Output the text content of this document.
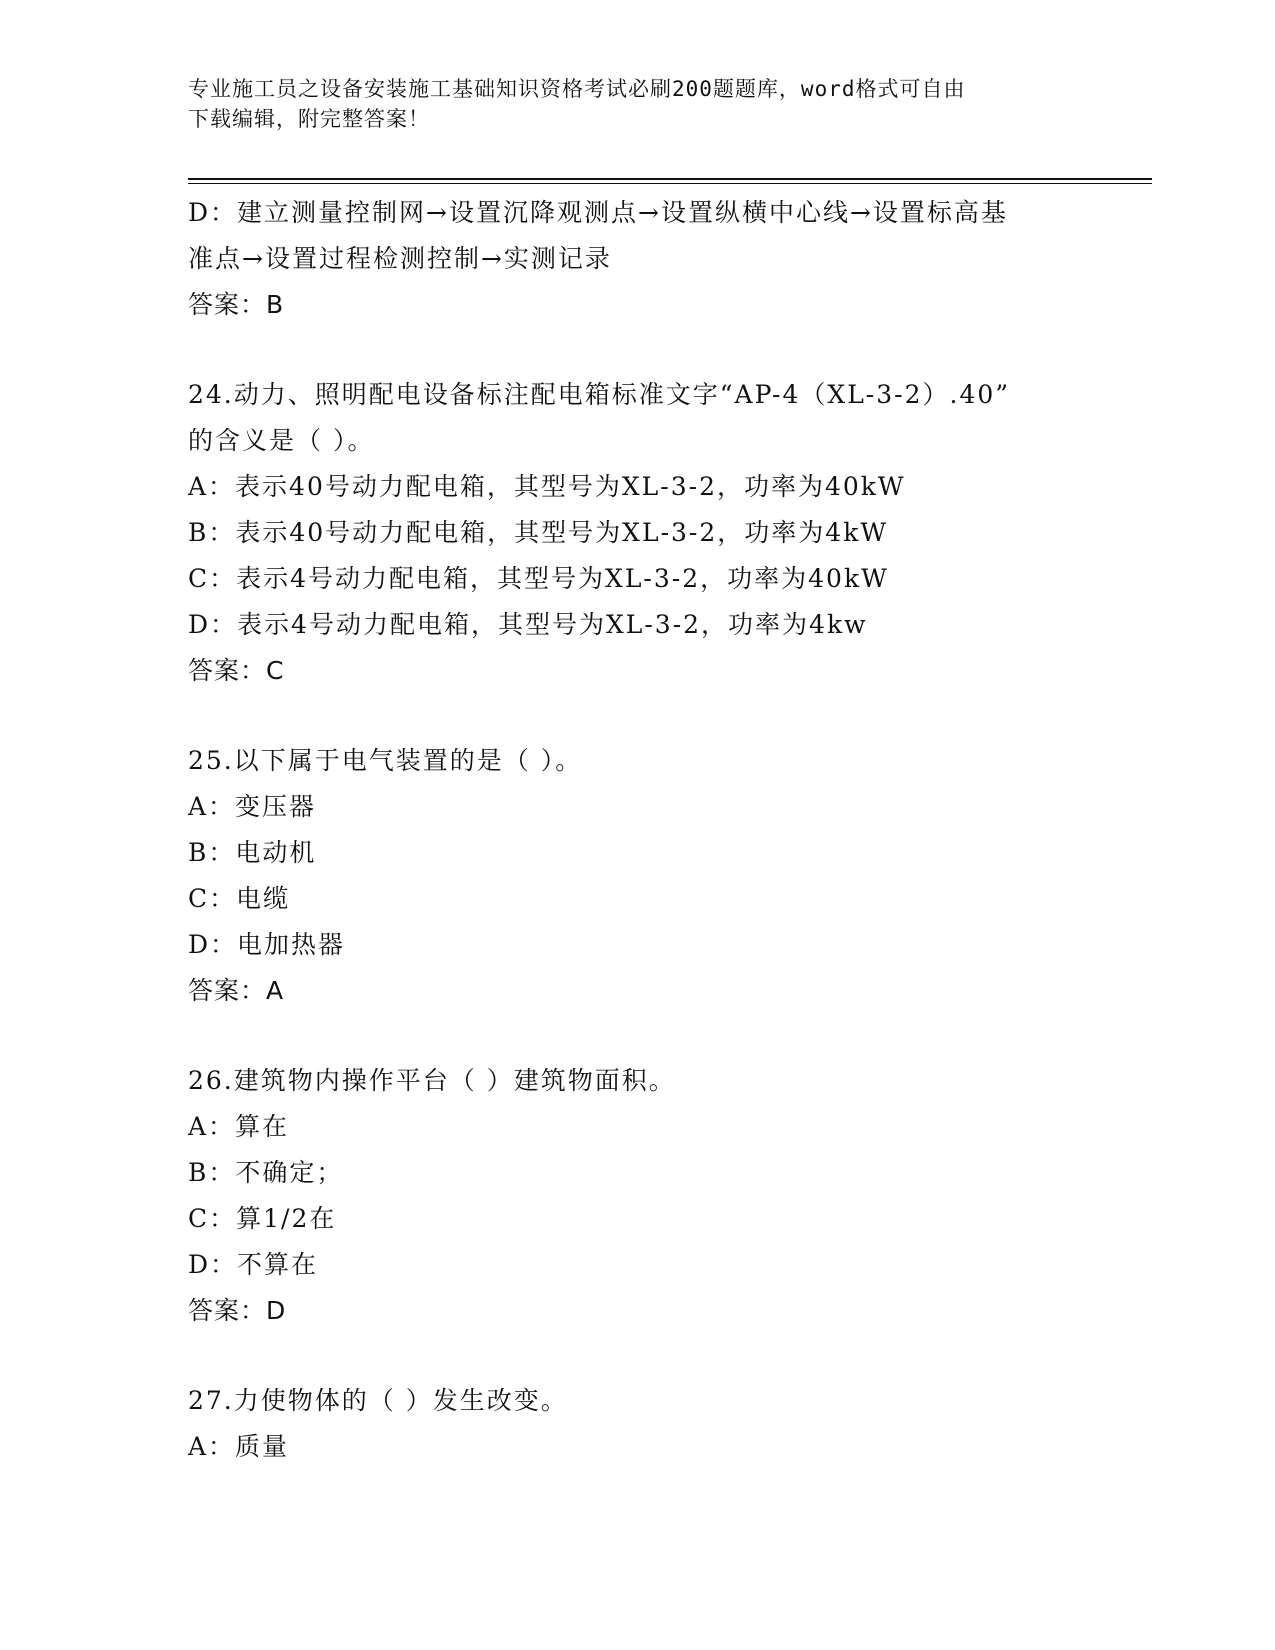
专业施工员之设备安装施工基础知识资格考试必刷200题题库，word格式可自由

下载编辑，附完整答案！

D：建立测量控制网→设置沉降观测点→设置纵横中心线→设置标高基
准点→设置过程检测控制→实测记录
答案：B
24.动力、照明配电设备标注配电箱标准文字“AP-4（XL-3-2）.40”
的含义是（ ）。
A：表示40号动力配电箱，其型号为XL-3-2，功率为40kW
B：表示40号动力配电箱，其型号为XL-3-2，功率为4kW
C：表示4号动力配电箱，其型号为XL-3-2，功率为40kW
D：表示4号动力配电箱，其型号为XL-3-2，功率为4kw
答案：C
25.以下属于电气装置的是（ ）。
A：变压器
B：电动机
C：电缆
D：电加热器
答案：A
26.建筑物内操作平台（ ）建筑物面积。
A：算在
B：不确定；
C：算1/2在
D：不算在
答案：D
27.力使物体的（ ）发生改变。
A：质量
